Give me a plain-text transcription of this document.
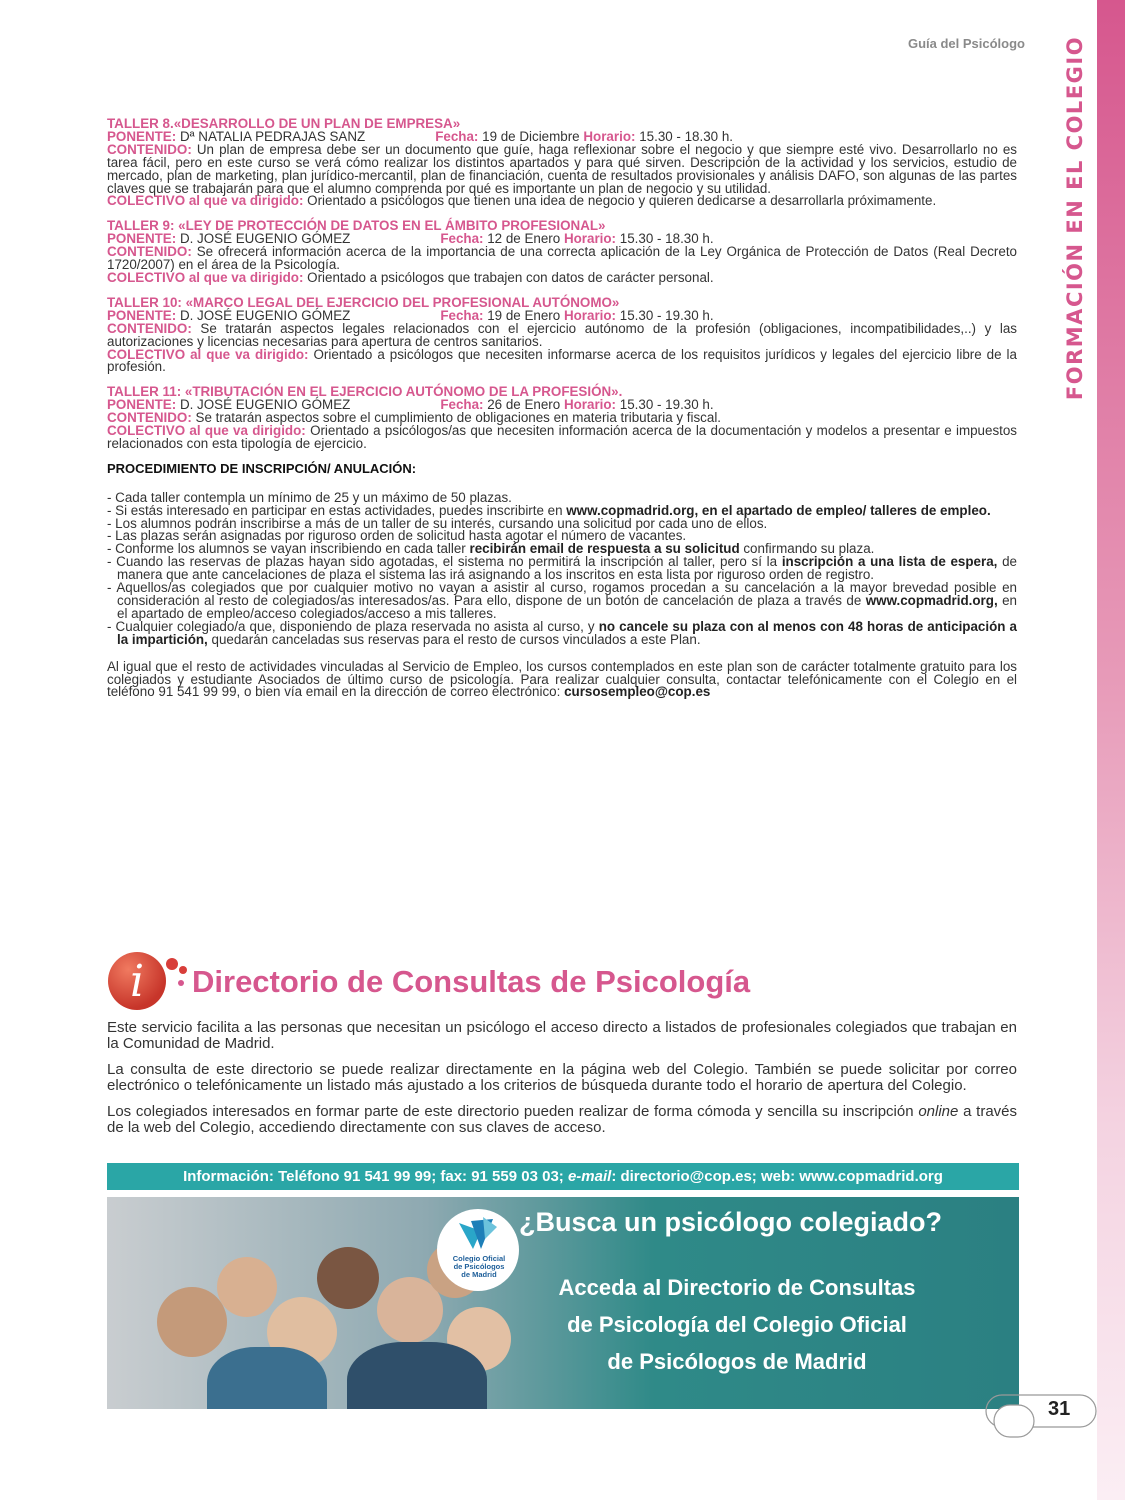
FORMACIÓN EN EL COLEGIO
Guía del Psicólogo

TALLER 8.«DESARROLLO DE UN PLAN DE EMPRESA»

PONENTE: Dª NATALIA PEDRAJAS SANZ	Fecha: 19 de Diciembre Horario: 15.30 - 18.30 h.

CONTENIDO: Un plan de empresa debe ser un documento que guíe, haga reflexionar sobre el negocio y que siempre esté vivo. Desarrollarlo no es tarea fácil, pero en este curso se verá cómo realizar los distintos apartados y para qué sirven. Descripción de la actividad y los servicios, estudio de mercado, plan de marketing, plan jurídico-mercantil, plan de financiación, cuenta de resultados provisionales y análisis DAFO, son algunas de las partes claves que se trabajarán para que el alumno comprenda por qué es importante un plan de negocio y su utilidad.

COLECTIVO al que va dirigido: Orientado a psicólogos que tienen una idea de negocio y quieren dedicarse a desarrollarla próximamente.

TALLER 9: «LEY DE PROTECCIÓN DE DATOS EN EL ÁMBITO PROFESIONAL»

PONENTE: D. JOSÉ EUGENIO GÓMEZ	Fecha: 12 de Enero Horario: 15.30 - 18.30 h.

CONTENIDO: Se ofrecerá información acerca de la importancia de una correcta aplicación de la Ley Orgánica de Protección de Datos (Real Decreto 1720/2007) en el área de la Psicología.

COLECTIVO al que va dirigido: Orientado a psicólogos que trabajen con datos de carácter personal.

TALLER 10: «MARCO LEGAL DEL EJERCICIO DEL PROFESIONAL AUTÓNOMO»

PONENTE: D. JOSÉ EUGENIO GÓMEZ	Fecha: 19 de Enero Horario: 15.30 - 19.30 h.

CONTENIDO: Se tratarán aspectos legales relacionados con el ejercicio autónomo de la profesión (obligaciones, incompatibilidades,..) y las autorizaciones y licencias necesarias para apertura de centros sanitarios.

COLECTIVO al que va dirigido: Orientado a psicólogos que necesiten informarse acerca de los requisitos jurídicos y legales del ejercicio libre de la profesión.

TALLER 11: «TRIBUTACIÓN EN EL EJERCICIO AUTÓNOMO DE LA PROFESIÓN».

PONENTE: D. JOSÉ EUGENIO GÓMEZ	Fecha: 26 de Enero Horario: 15.30 - 19.30 h.

CONTENIDO: Se tratarán aspectos sobre el cumplimiento de obligaciones en materia tributaria y fiscal.

COLECTIVO al que va dirigido: Orientado a psicólogos/as que necesiten información acerca de la documentación y modelos a presentar e impuestos relacionados con esta tipología de ejercicio.

PROCEDIMIENTO DE INSCRIPCIÓN/ ANULACIÓN:
- Cada taller contempla un mínimo de 25 y un máximo de 50 plazas.
- Si estás interesado en participar en estas actividades, puedes inscribirte en www.copmadrid.org, en el apartado de empleo/ talleres de empleo.
- Los alumnos podrán inscribirse a más de un taller de su interés, cursando una solicitud por cada uno de ellos.
- Las plazas serán asignadas por riguroso orden de solicitud hasta agotar el número de vacantes.
- Conforme los alumnos se vayan inscribiendo en cada taller recibirán email de respuesta a su solicitud confirmando su plaza.
- Cuando las reservas de plazas hayan sido agotadas, el sistema no permitirá la inscripción al taller, pero sí la inscripción a una lista de espera, de manera que ante cancelaciones de plaza el sistema las irá asignando a los inscritos en esta lista por riguroso orden de registro.
- Aquellos/as colegiados que por cualquier motivo no vayan a asistir al curso, rogamos procedan a su cancelación a la mayor brevedad posible en consideración al resto de colegiados/as interesados/as. Para ello, dispone de un botón de cancelación de plaza a través de www.copmadrid.org, en el apartado de empleo/acceso colegiados/acceso a mis talleres.
- Cualquier colegiado/a que, disponiendo de plaza reservada no asista al curso, y no cancele su plaza con al menos con 48 horas de anticipación a la impartición, quedarán canceladas sus reservas para el resto de cursos vinculados a este Plan.

Al igual que el resto de actividades vinculadas al Servicio de Empleo, los cursos contemplados en este plan son de carácter totalmente gratuito para los colegiados y estudiante Asociados de último curso de psicología. Para realizar cualquier consulta, contactar telefónicamente con el Colegio en el teléfono 91 541 99 99, o bien vía email en la dirección de correo electrónico: cursosempleo@cop.es

i Directorio de Consultas de Psicología

Este servicio facilita a las personas que necesitan un psicólogo el acceso directo a listados de profesionales colegiados que trabajan en la Comunidad de Madrid.

La consulta de este directorio se puede realizar directamente en la página web del Colegio. También se puede solicitar por correo electrónico o telefónicamente un listado más ajustado a los criterios de búsqueda durante todo el horario de apertura del Colegio.

Los colegiados interesados en formar parte de este directorio pueden realizar de forma cómoda y sencilla su inscripción online a través de la web del Colegio, accediendo directamente con sus claves de acceso.

Información: Teléfono 91 541 99 99; fax: 91 559 03 03; e-mail: directorio@cop.es; web: www.copmadrid.org
Colegio Oficial
de Psicólogos
de Madrid
¿Busca un psicólogo colegiado?
Acceda al Directorio de Consultas
de Psicología del Colegio Oficial
de Psicólogos de Madrid
31
